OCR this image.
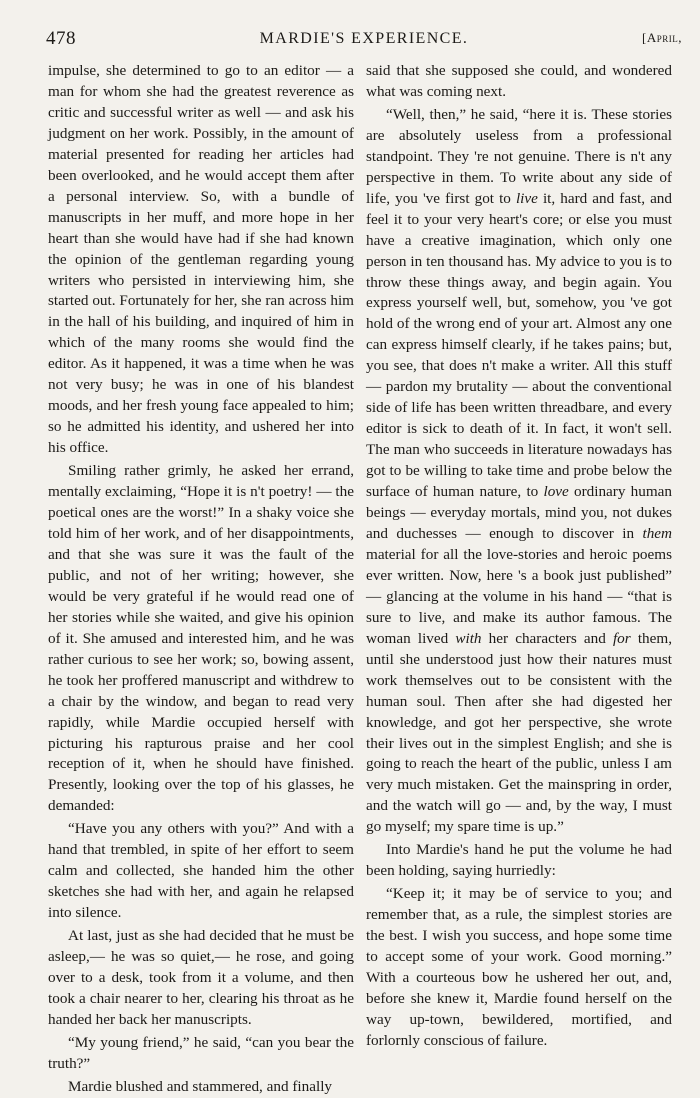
478	MARDIE'S EXPERIENCE.	[April,

impulse, she determined to go to an editor — a man for whom she had the greatest reverence as critic and successful writer as well — and ask his judgment on her work. Possibly, in the amount of material presented for reading her articles had been overlooked, and he would accept them after a personal interview. So, with a bundle of manuscripts in her muff, and more hope in her heart than she would have had if she had known the opinion of the gentleman regarding young writers who persisted in interviewing him, she started out. Fortunately for her, she ran across him in the hall of his building, and inquired of him in which of the many rooms she would find the editor. As it happened, it was a time when he was not very busy; he was in one of his blandest moods, and her fresh young face appealed to him; so he admitted his identity, and ushered her into his office.

Smiling rather grimly, he asked her errand, mentally exclaiming, “Hope it is n't poetry! — the poetical ones are the worst!” In a shaky voice she told him of her work, and of her disappointments, and that she was sure it was the fault of the public, and not of her writing; however, she would be very grateful if he would read one of her stories while she waited, and give his opinion of it. She amused and interested him, and he was rather curious to see her work; so, bowing assent, he took her proffered manuscript and withdrew to a chair by the window, and began to read very rapidly, while Mardie occupied herself with picturing his rapturous praise and her cool reception of it, when he should have finished. Presently, looking over the top of his glasses, he demanded:

“Have you any others with you?” And with a hand that trembled, in spite of her effort to seem calm and collected, she handed him the other sketches she had with her, and again he relapsed into silence.

At last, just as she had decided that he must be asleep,— he was so quiet,— he rose, and going over to a desk, took from it a volume, and then took a chair nearer to her, clearing his throat as he handed her back her manuscripts.

“My young friend,” he said, “can you bear the truth?”

Mardie blushed and stammered, and finally

said that she supposed she could, and wondered what was coming next.

“Well, then,” he said, “here it is. These stories are absolutely useless from a professional standpoint. They 're not genuine. There is n't any perspective in them. To write about any side of life, you 've first got to live it, hard and fast, and feel it to your very heart's core; or else you must have a creative imagination, which only one person in ten thousand has. My advice to you is to throw these things away, and begin again. You express yourself well, but, somehow, you 've got hold of the wrong end of your art. Almost any one can express himself clearly, if he takes pains; but, you see, that does n't make a writer. All this stuff — pardon my brutality — about the conventional side of life has been written threadbare, and every editor is sick to death of it. In fact, it won't sell. The man who succeeds in literature nowadays has got to be willing to take time and probe below the surface of human nature, to love ordinary human beings — everyday mortals, mind you, not dukes and duchesses — enough to discover in them material for all the love-stories and heroic poems ever written. Now, here 's a book just published” — glancing at the volume in his hand — “that is sure to live, and make its author famous. The woman lived with her characters and for them, until she understood just how their natures must work themselves out to be consistent with the human soul. Then after she had digested her knowledge, and got her perspective, she wrote their lives out in the simplest English; and she is going to reach the heart of the public, unless I am very much mistaken. Get the mainspring in order, and the watch will go — and, by the way, I must go myself; my spare time is up.”

Into Mardie's hand he put the volume he had been holding, saying hurriedly:

“Keep it; it may be of service to you; and remember that, as a rule, the simplest stories are the best. I wish you success, and hope some time to accept some of your work. Good morning.” With a courteous bow he ushered her out, and, before she knew it, Mardie found herself on the way up-town, bewildered, mortified, and forlornly conscious of failure.
